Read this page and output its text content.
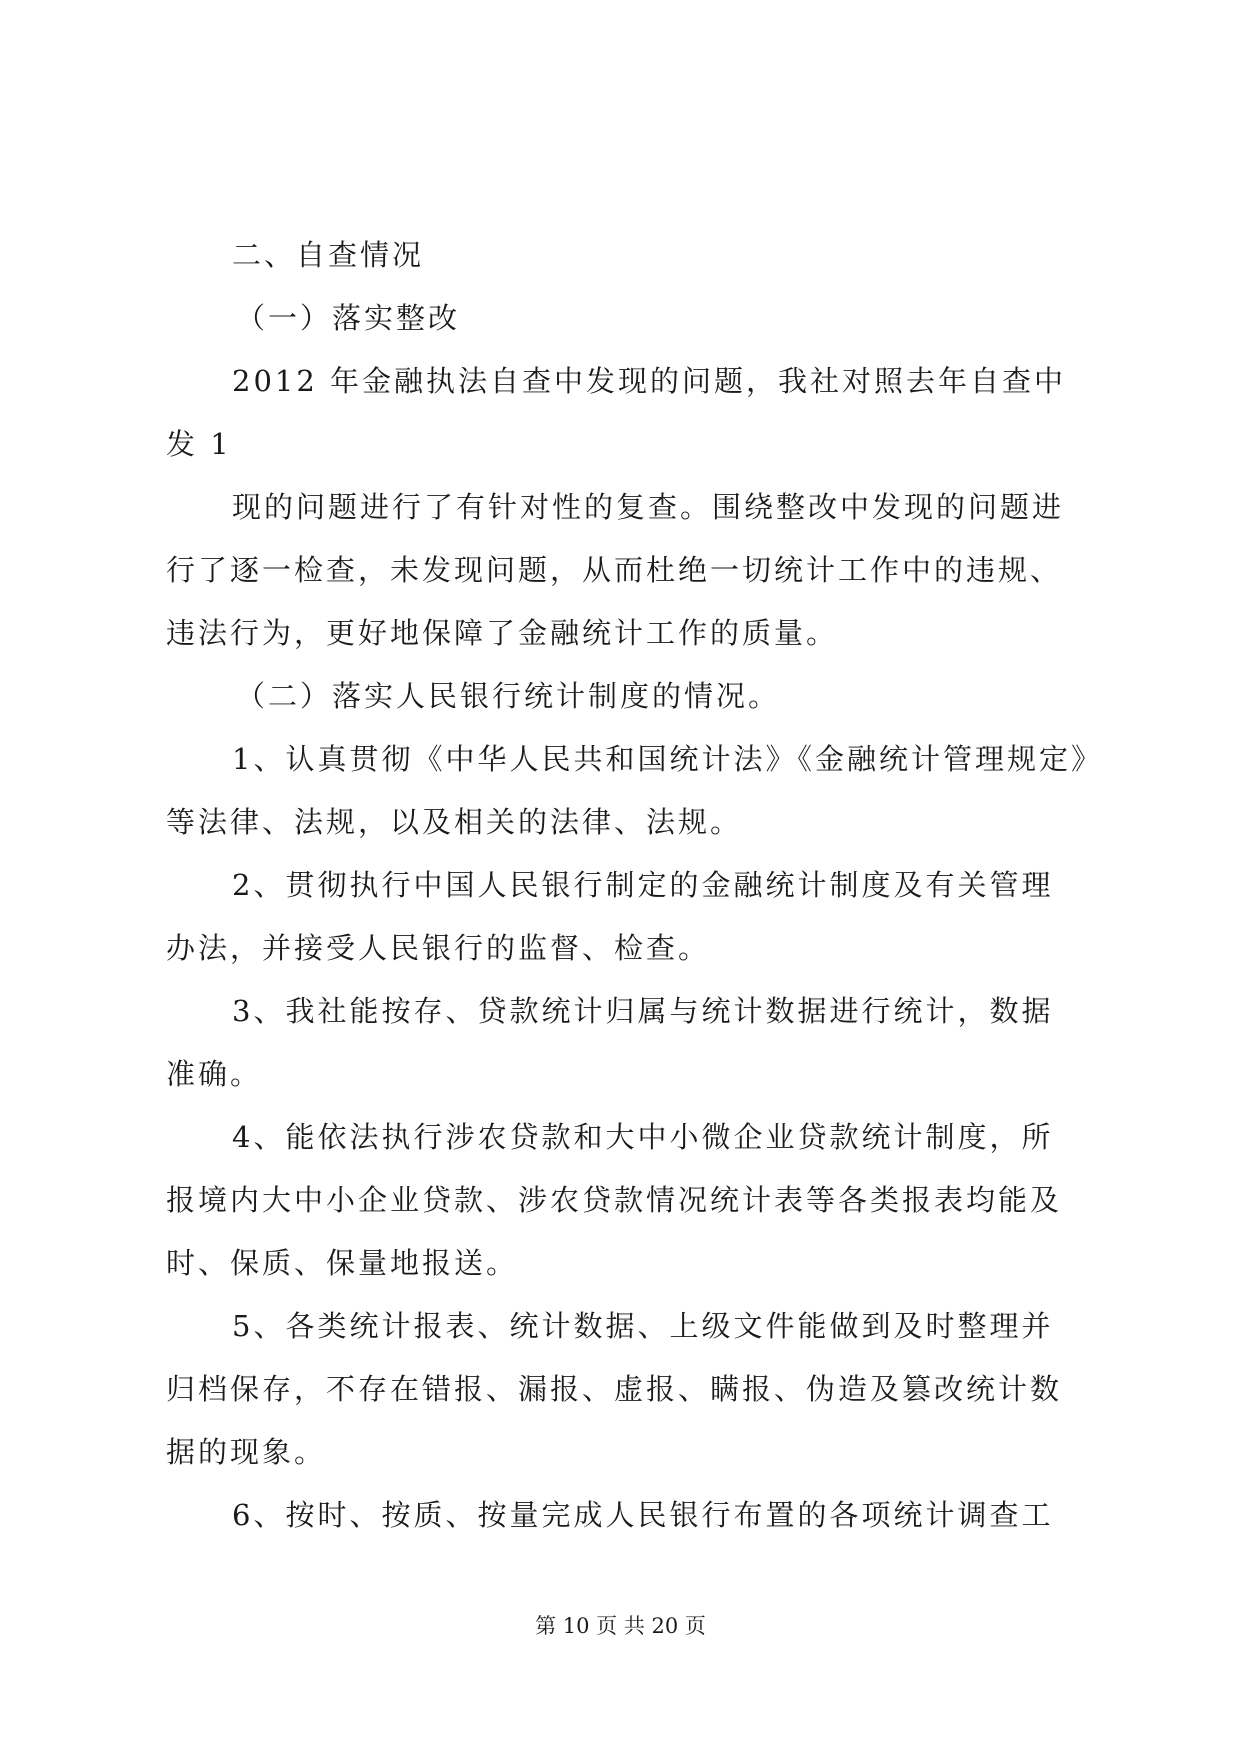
二、自查情况
（一）落实整改
2012 年金融执法自查中发现的问题，我社对照去年自查中
发 1
现的问题进行了有针对性的复查。围绕整改中发现的问题进
行了逐一检查，未发现问题，从而杜绝一切统计工作中的违规、
违法行为，更好地保障了金融统计工作的质量。
（二）落实人民银行统计制度的情况。
1、认真贯彻《中华人民共和国统计法》《金融统计管理规定》
等法律、法规，以及相关的法律、法规。
2、贯彻执行中国人民银行制定的金融统计制度及有关管理
办法，并接受人民银行的监督、检查。
3、我社能按存、贷款统计归属与统计数据进行统计，数据
准确。
4、能依法执行涉农贷款和大中小微企业贷款统计制度，所
报境内大中小企业贷款、涉农贷款情况统计表等各类报表均能及
时、保质、保量地报送。
5、各类统计报表、统计数据、上级文件能做到及时整理并
归档保存，不存在错报、漏报、虚报、瞒报、伪造及篡改统计数
据的现象。
6、按时、按质、按量完成人民银行布置的各项统计调查工
第 10 页 共 20 页
